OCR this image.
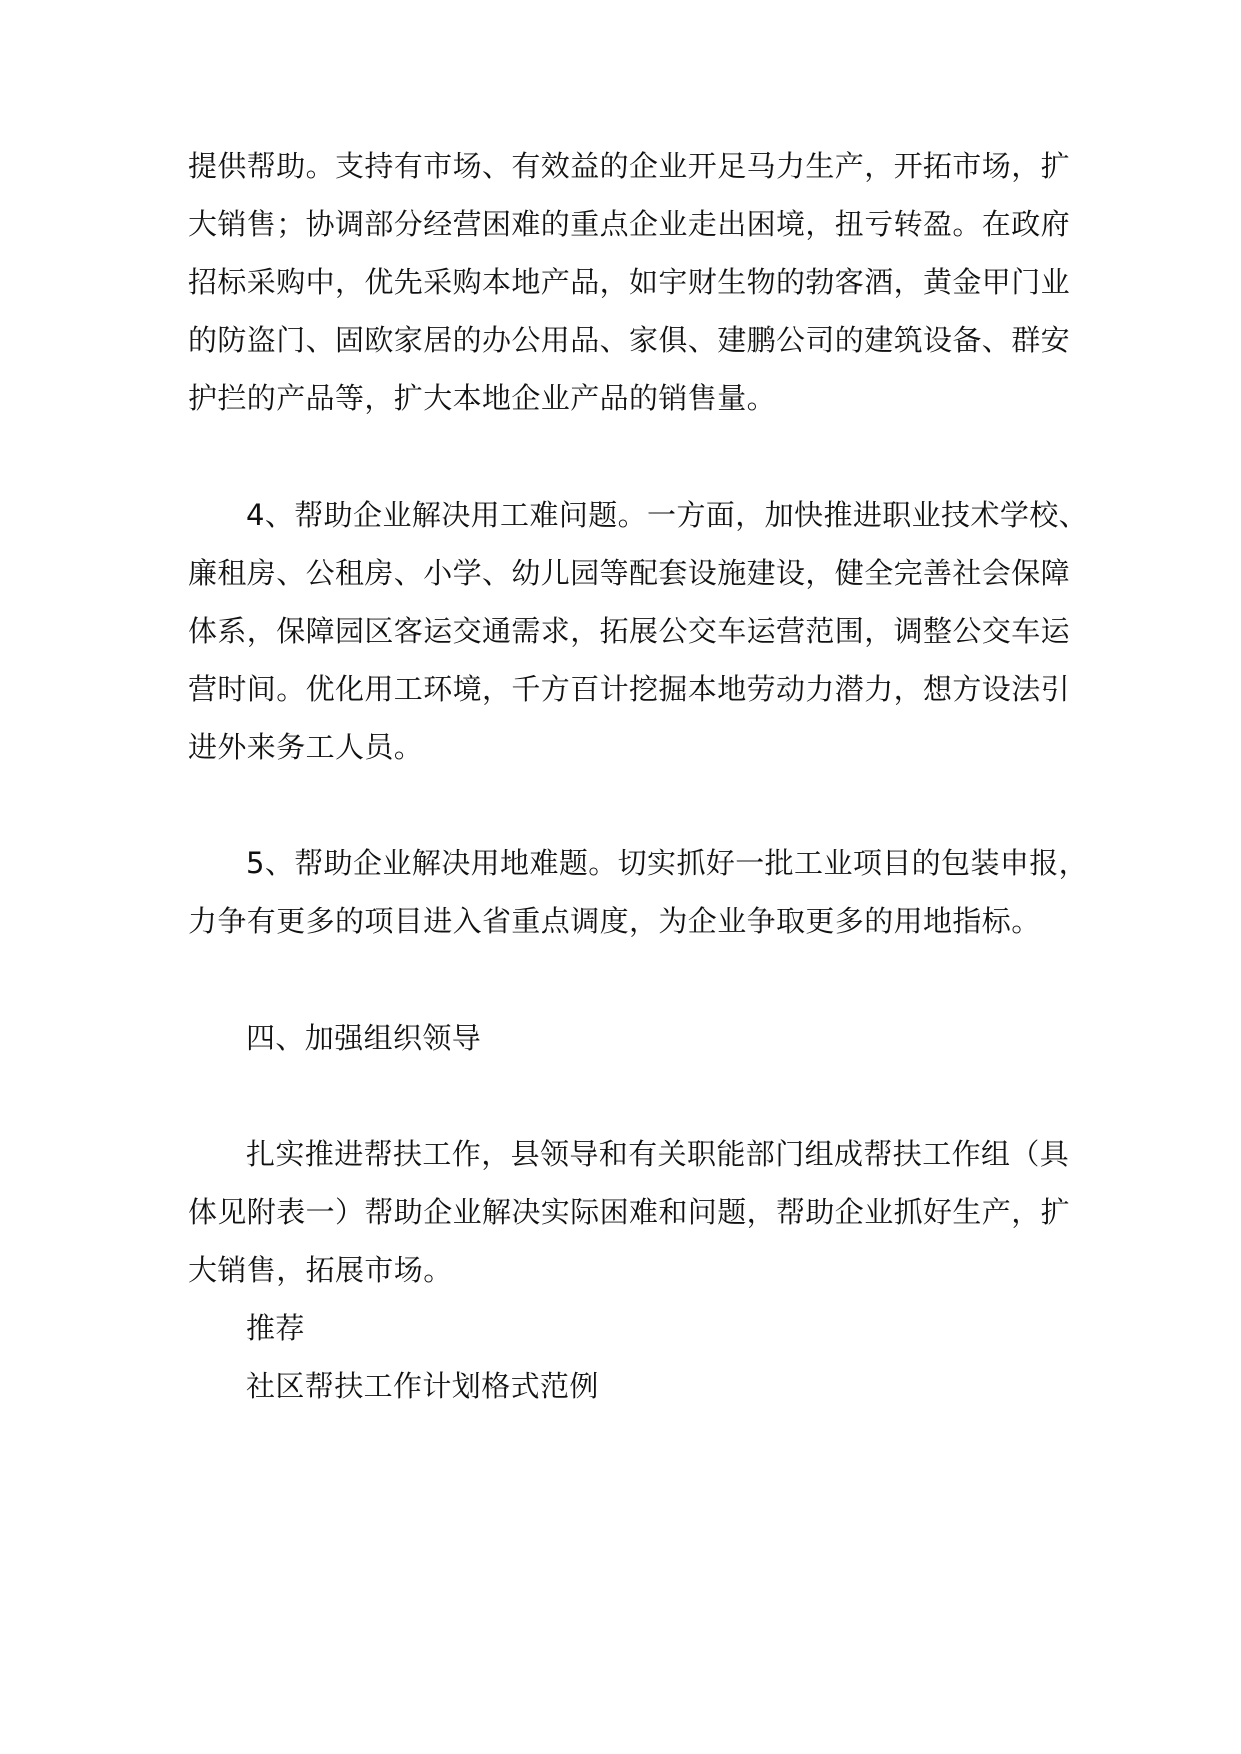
提供帮助。支持有市场、有效益的企业开足马力生产，开拓市场，扩
大销售；协调部分经营困难的重点企业走出困境，扭亏转盈。在政府
招标采购中，优先采购本地产品，如宇财生物的勃客酒，黄金甲门业
的防盗门、固欧家居的办公用品、家俱、建鹏公司的建筑设备、群安
护拦的产品等，扩大本地企业产品的销售量。
4、帮助企业解决用工难问题。一方面，加快推进职业技术学校、
廉租房、公租房、小学、幼儿园等配套设施建设，健全完善社会保障
体系，保障园区客运交通需求，拓展公交车运营范围，调整公交车运
营时间。优化用工环境，千方百计挖掘本地劳动力潜力，想方设法引
进外来务工人员。
5、帮助企业解决用地难题。切实抓好一批工业项目的包装申报，
力争有更多的项目进入省重点调度，为企业争取更多的用地指标。
四、加强组织领导
扎实推进帮扶工作，县领导和有关职能部门组成帮扶工作组（具
体见附表一）帮助企业解决实际困难和问题，帮助企业抓好生产，扩
大销售，拓展市场。
推荐
社区帮扶工作计划格式范例
